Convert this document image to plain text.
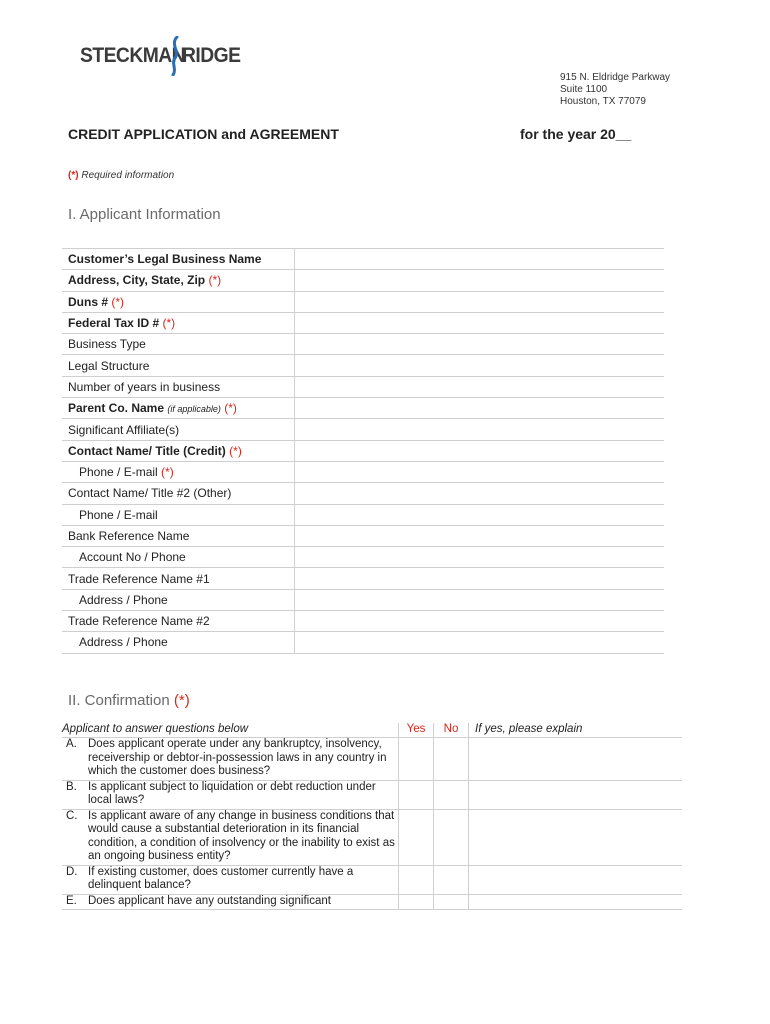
STECKMAN
RIDGE
915 N. Eldridge Parkway
Suite 1100
Houston, TX 77079
CREDIT APPLICATION and AGREEMENT	for the year 20__
(*) Required information
I. Applicant Information
Customer’s Legal Business Name	
Address, City, State, Zip (*)	
Duns # (*)	
Federal Tax ID # (*)	
Business Type	
Legal Structure	
Number of years in business	
Parent Co. Name (if applicable) (*)	
Significant Affiliate(s)	
Contact Name/ Title (Credit) (*)	
Phone / E-mail (*)	
Contact Name/ Title #2 (Other)	
Phone / E-mail	
Bank Reference Name	
Account No / Phone	
Trade Reference Name #1	
Address / Phone	
Trade Reference Name #2	
Address / Phone	
II. Confirmation (*)
Applicant to answer questions below	Yes	No	If yes, please explain

A. Does applicant operate under any bankruptcy, insolvency, receivership or debtor-in-possession laws in any country in which the customer does business?			

B. Is applicant subject to liquidation or debt reduction under local laws?			

C. Is applicant aware of any change in business conditions that would cause a substantial deterioration in its financial condition, a condition of insolvency or the inability to exist as an ongoing business entity?			

D. If existing customer, does customer currently have a delinquent balance?			

E. Does applicant have any outstanding significant			
